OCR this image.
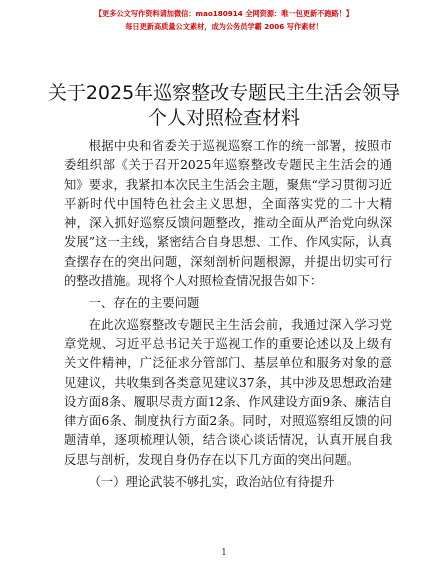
【更多公文写作资料请加微信：mao180914 全网资源：唯一包更新不跑路！】
每日更新高质量公文素材，成为公务员学霸 2006 写作素材！
关于2025年巡察整改专题民主生活会领导个人对照检查材料

根据中央和省委关于巡视巡察工作的统一部署，按照市委组织部《关于召开2025年巡察整改专题民主生活会的通知》要求，我紧扣本次民主生活会主题，聚焦“学习贯彻习近平新时代中国特色社会主义思想，全面落实党的二十大精神，深入抓好巡察反馈问题整改，推动全面从严治党向纵深发展”这一主线，紧密结合自身思想、工作、作风实际，认真查摆存在的突出问题，深刻剖析问题根源，并提出切实可行的整改措施。现将个人对照检查情况报告如下：

一、存在的主要问题

在此次巡察整改专题民主生活会前，我通过深入学习党章党规、习近平总书记关于巡视工作的重要论述以及上级有关文件精神，广泛征求分管部门、基层单位和服务对象的意见建议，共收集到各类意见建议37条，其中涉及思想政治建设方面8条、履职尽责方面12条、作风建设方面9条、廉洁自律方面6条、制度执行方面2条。同时，对照巡察组反馈的问题清单，逐项梳理认领，结合谈心谈话情况，认真开展自我反思与剖析，发现自身仍存在以下几方面的突出问题。

（一）理论武装不够扎实，政治站位有待提升

1
